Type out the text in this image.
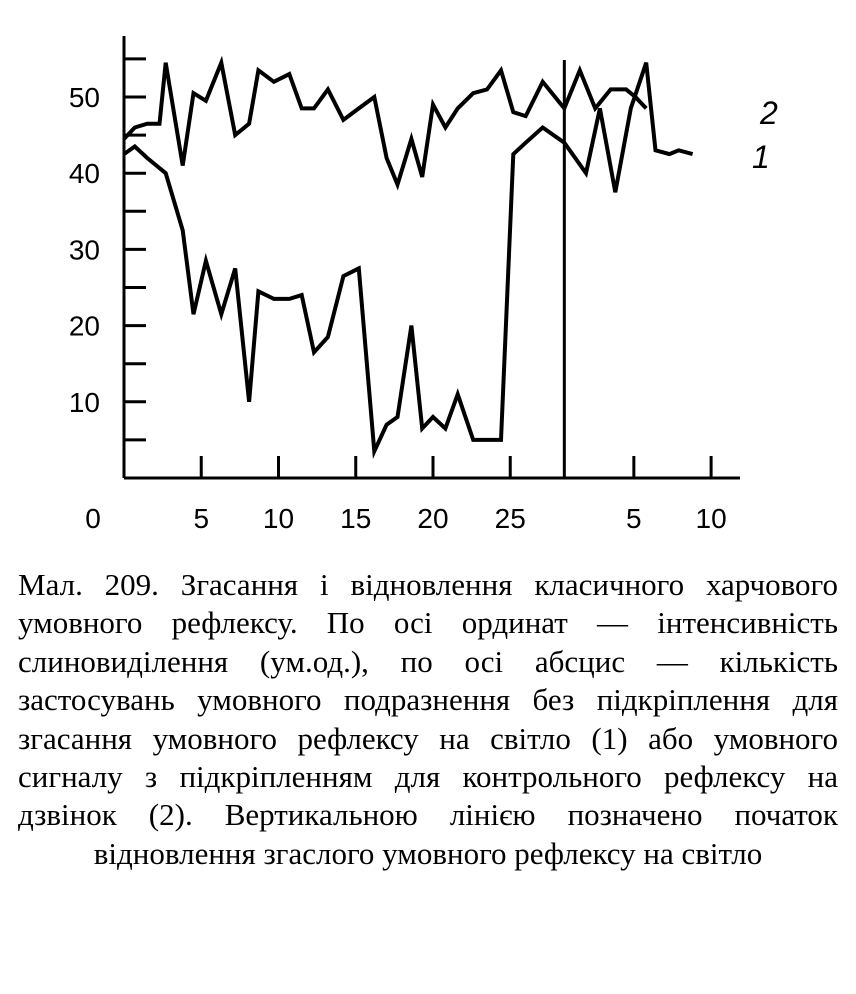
10
20
30
40
50
0	5 10 15 20 25	5 10
1
2

Мал. 209. Згасання і відновлення класичного харчового умовного рефлексу. По осі ординат — інтенсивність слиновиділення (ум.од.), по осі абсцис — кількість застосувань умовного подразнення без підкріплення для згасання умовного рефлексу на світло (1) або умовного сигналу з підкріпленням для контрольного рефлексу на дзвінок (2). Вертикальною лінією позначено початок відновлення згаслого умовного рефлексу на світло
